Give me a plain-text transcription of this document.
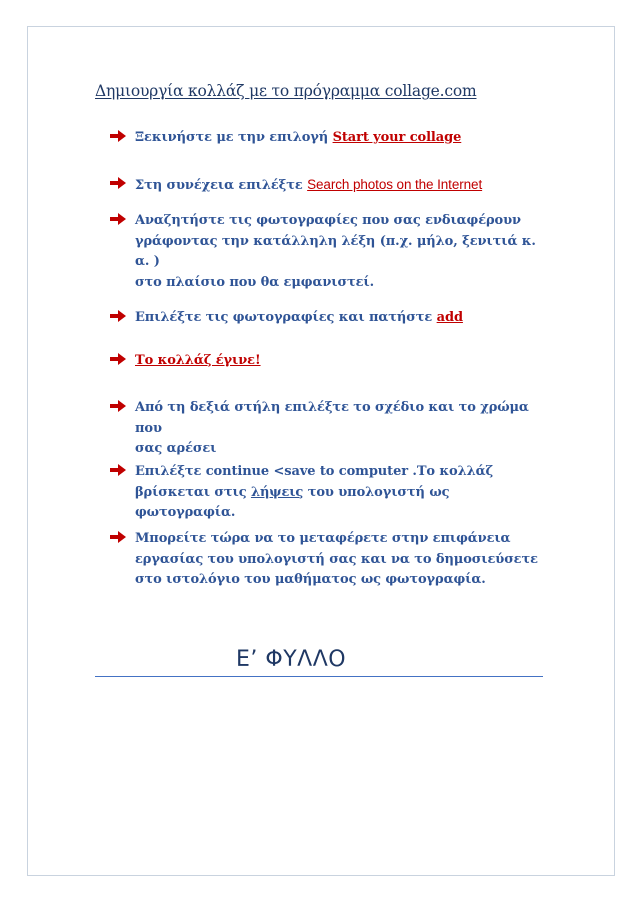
Δημιουργία κολλάζ με το πρόγραμμα collage.com
Ξεκινήστε με την επιλογή Start your collage
Στη συνέχεια επιλέξτε Search photos on the Internet
Αναζητήστε τις φωτογραφίες που σας ενδιαφέρουν
γράφοντας την κατάλληλη λέξη (π.χ. μήλο, ξενιτιά κ. α. )
στο πλαίσιο που θα εμφανιστεί.
Επιλέξτε τις φωτογραφίες και πατήστε add
Το κολλάζ έγινε!
Από τη δεξιά στήλη επιλέξτε το σχέδιο και το χρώμα που
σας αρέσει
Επιλέξτε continue <save to computer .Το κολλάζ
βρίσκεται στις λήψεις του υπολογιστή ως φωτογραφία.
Μπορείτε τώρα να το μεταφέρετε στην επιφάνεια
εργασίας του υπολογιστή σας και να το δημοσιεύσετε
στο ιστολόγιο του μαθήματος ως φωτογραφία.
Ε’ ΦΥΛΛΟ
